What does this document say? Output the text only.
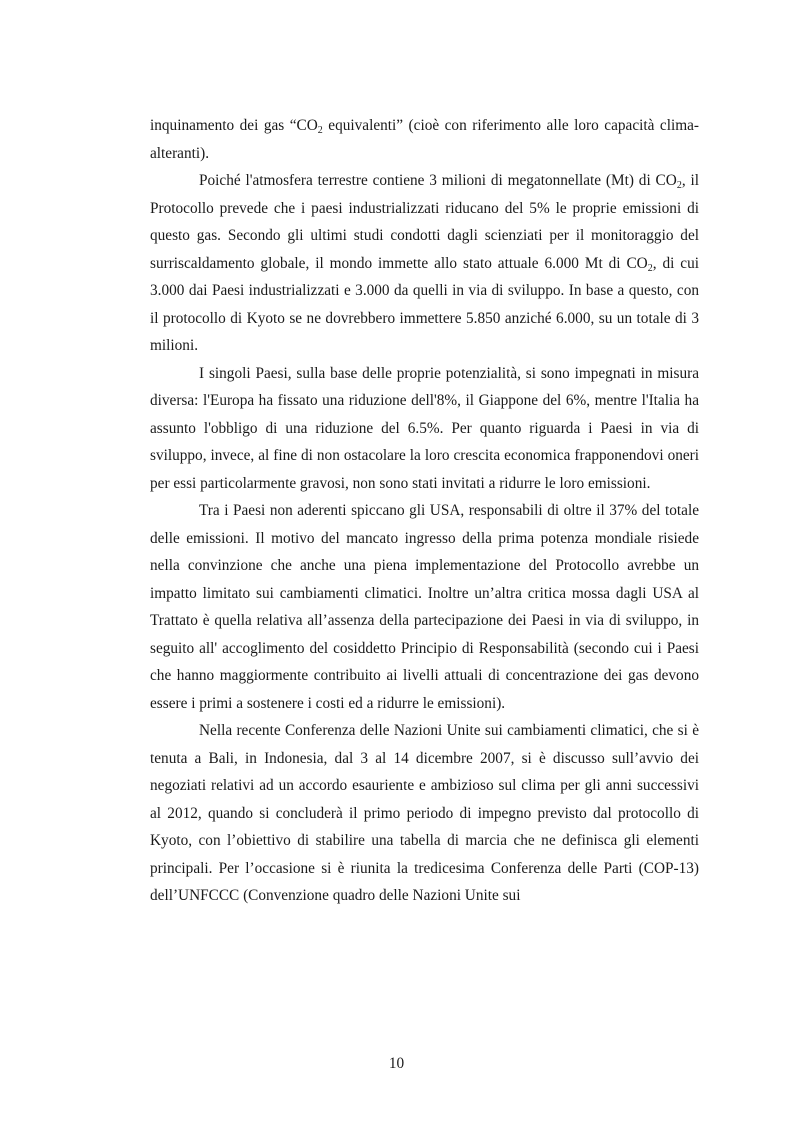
inquinamento dei gas “$CO_2$ equivalenti” (cioè con riferimento alle loro capacità clima-alteranti).

Poiché l'atmosfera terrestre contiene 3 milioni di megatonnellate (Mt) di $CO_2$, il Protocollo prevede che i paesi industrializzati riducano del 5% le proprie emissioni di questo gas. Secondo gli ultimi studi condotti dagli scienziati per il monitoraggio del surriscaldamento globale, il mondo immette allo stato attuale 6.000 Mt di $CO_2$, di cui 3.000 dai Paesi industrializzati e 3.000 da quelli in via di sviluppo. In base a questo, con il protocollo di Kyoto se ne dovrebbero immettere 5.850 anziché 6.000, su un totale di 3 milioni.

I singoli Paesi, sulla base delle proprie potenzialità, si sono impegnati in misura diversa: l'Europa ha fissato una riduzione dell'8%, il Giappone del 6%, mentre l'Italia ha assunto l'obbligo di una riduzione del 6.5%. Per quanto riguarda i Paesi in via di sviluppo, invece, al fine di non ostacolare la loro crescita economica frapponendovi oneri per essi particolarmente gravosi, non sono stati invitati a ridurre le loro emissioni.

Tra i Paesi non aderenti spiccano gli USA, responsabili di oltre il 37% del totale delle emissioni. Il motivo del mancato ingresso della prima potenza mondiale risiede nella convinzione che anche una piena implementazione del Protocollo avrebbe un impatto limitato sui cambiamenti climatici. Inoltre un’altra critica mossa dagli USA al Trattato è quella relativa all’assenza della partecipazione dei Paesi in via di sviluppo, in seguito all' accoglimento del cosiddetto Principio di Responsabilità (secondo cui i Paesi che hanno maggiormente contribuito ai livelli attuali di concentrazione dei gas devono essere i primi a sostenere i costi ed a ridurre le emissioni).

Nella recente Conferenza delle Nazioni Unite sui cambiamenti climatici, che si è tenuta a Bali, in Indonesia, dal 3 al 14 dicembre 2007, si è discusso sull’avvio dei negoziati relativi ad un accordo esauriente e ambizioso sul clima per gli anni successivi al 2012, quando si concluderà il primo periodo di impegno previsto dal protocollo di Kyoto, con l’obiettivo di stabilire una tabella di marcia che ne definisca gli elementi principali. Per l’occasione si è riunita la tredicesima Conferenza delle Parti (COP-13) dell’UNFCCC (Convenzione quadro delle Nazioni Unite sui

10
